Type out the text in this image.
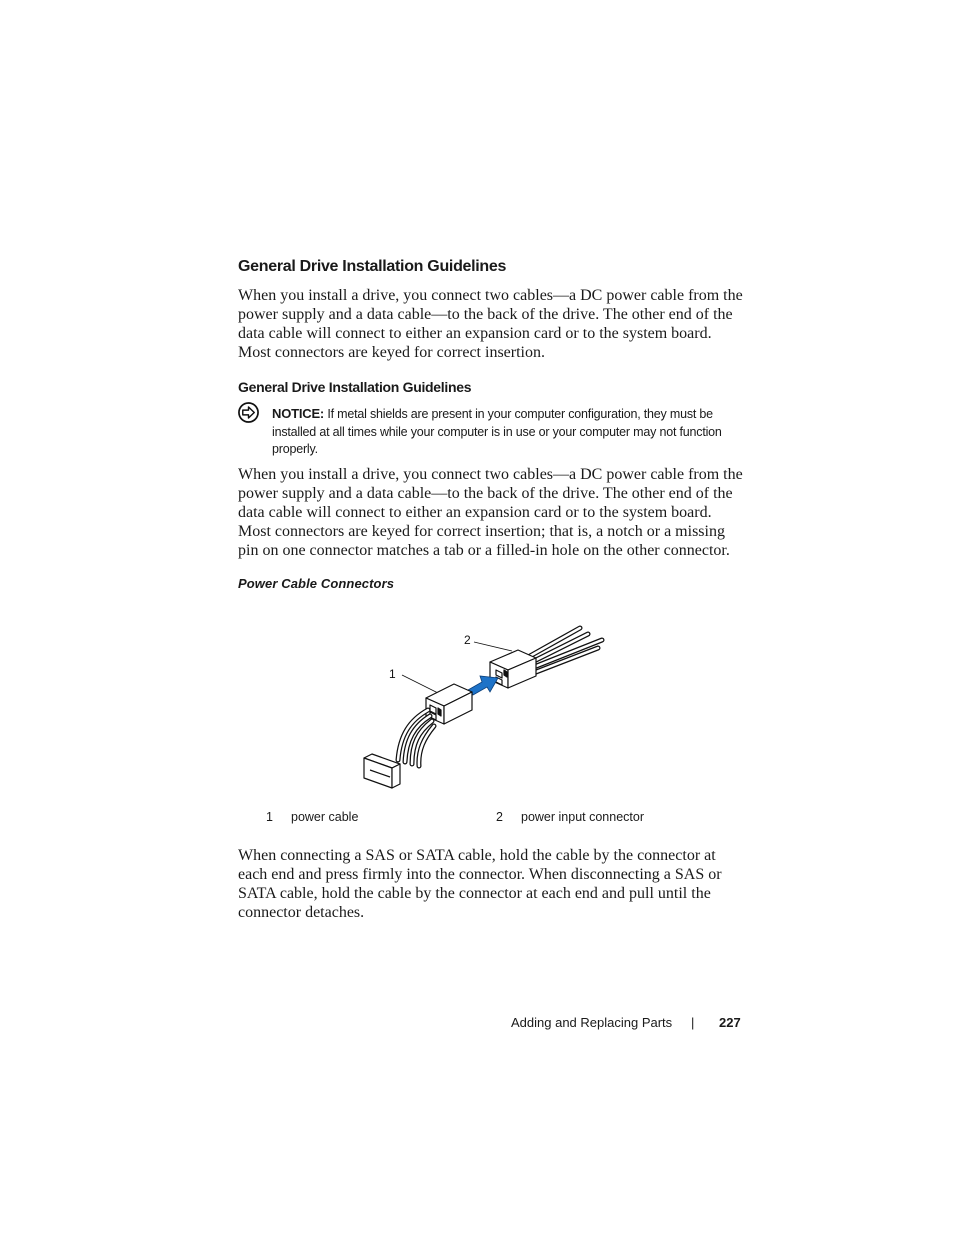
General Drive Installation Guidelines
When you install a drive, you connect two cables—a DC power cable from the power supply and a data cable—to the back of the drive. The other end of the data cable will connect to either an expansion card or to the system board. Most connectors are keyed for correct insertion.
General Drive Installation Guidelines
NOTICE: If metal shields are present in your computer configuration, they must be installed at all times while your computer is in use or your computer may not function properly.
When you install a drive, you connect two cables—a DC power cable from the power supply and a data cable—to the back of the drive. The other end of the data cable will connect to either an expansion card or to the system board. Most connectors are keyed for correct insertion; that is, a notch or a missing pin on one connector matches a tab or a filled-in hole on the other connector.
Power Cable Connectors
2
1
1 power cable	2 power input connector
When connecting a SAS or SATA cable, hold the cable by the connector at each end and press firmly into the connector. When disconnecting a SAS or SATA cable, hold the cable by the connector at each end and pull until the connector detaches.
Adding and Replacing Parts | 227
